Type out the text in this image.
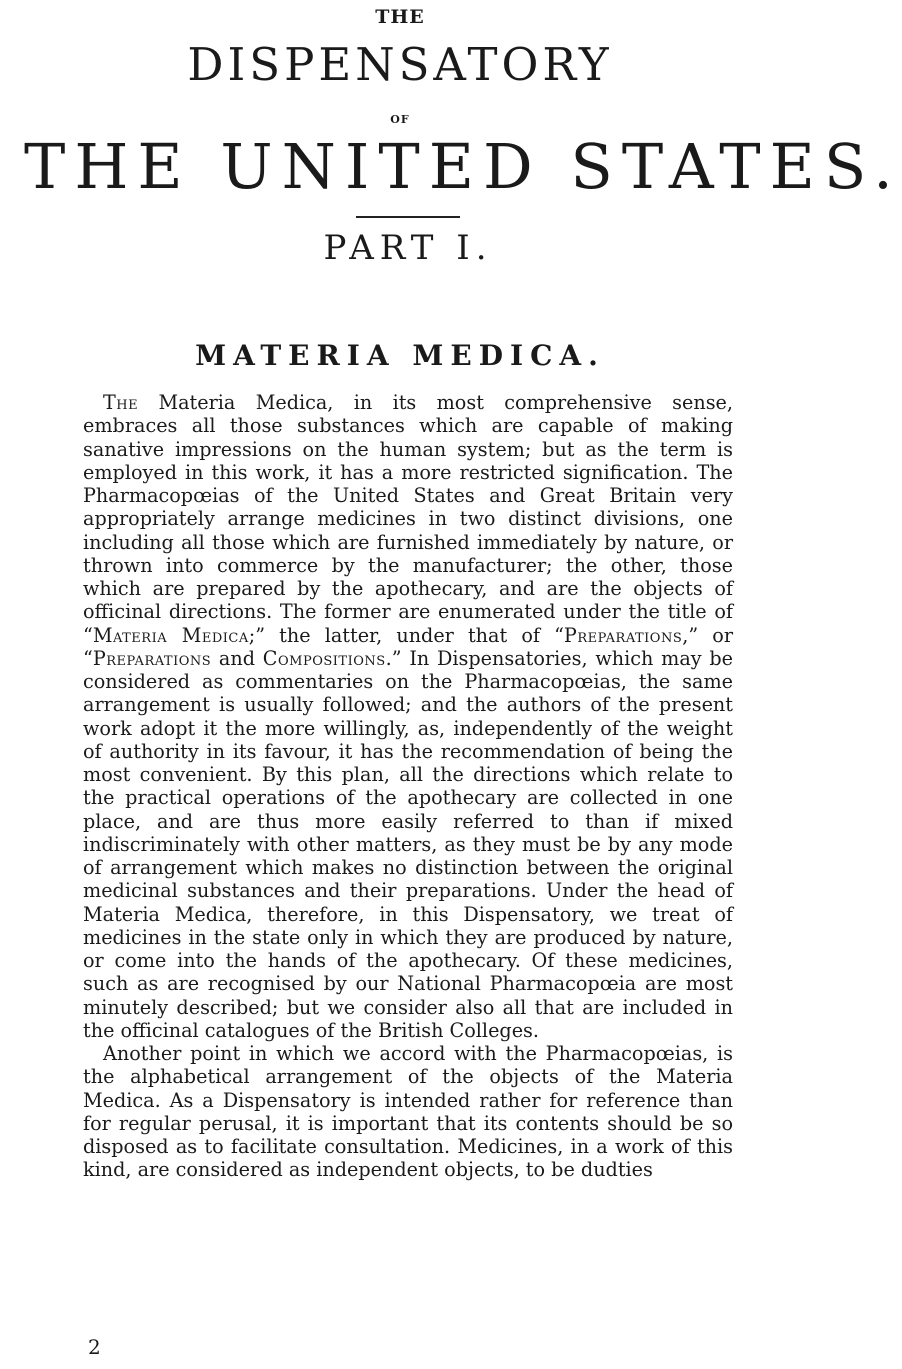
THE
DISPENSATORY
OF
THE UNITED STATES.
PART I.
MATERIA MEDICA.

The Materia Medica, in its most comprehensive sense, embraces all those substances which are capable of making sanative impressions on the human system; but as the term is employed in this work, it has a more restricted signification. The Pharmacopœias of the United States and Great Britain very appropriately arrange medicines in two distinct divisions, one including all those which are furnished immediately by nature, or thrown into commerce by the manufacturer; the other, those which are prepared by the apothecary, and are the objects of officinal directions. The former are enumerated under the title of “Materia Medica;” the latter, under that of “Preparations,” or “Preparations and Compositions.” In Dispensatories, which may be considered as commentaries on the Pharmacopœias, the same arrangement is usually followed; and the authors of the present work adopt it the more willingly, as, independently of the weight of authority in its favour, it has the recommendation of being the most convenient. By this plan, all the directions which relate to the practical operations of the apothecary are collected in one place, and are thus more easily referred to than if mixed indiscriminately with other matters, as they must be by any mode of arrangement which makes no distinction between the original medicinal substances and their preparations. Under the head of Materia Medica, therefore, in this Dispensatory, we treat of medicines in the state only in which they are produced by nature, or come into the hands of the apothecary. Of these medicines, such as are recognised by our National Pharmacopœia are most minutely described; but we consider also all that are included in the officinal catalogues of the British Colleges.

Another point in which we accord with the Pharmacopœias, is the alphabetical arrangement of the objects of the Materia Medica. As a Dispensatory is intended rather for reference than for regular perusal, it is important that its contents should be so disposed as to facilitate consultation. Medicines, in a work of this kind, are considered as independent objects, to be dudties

2
